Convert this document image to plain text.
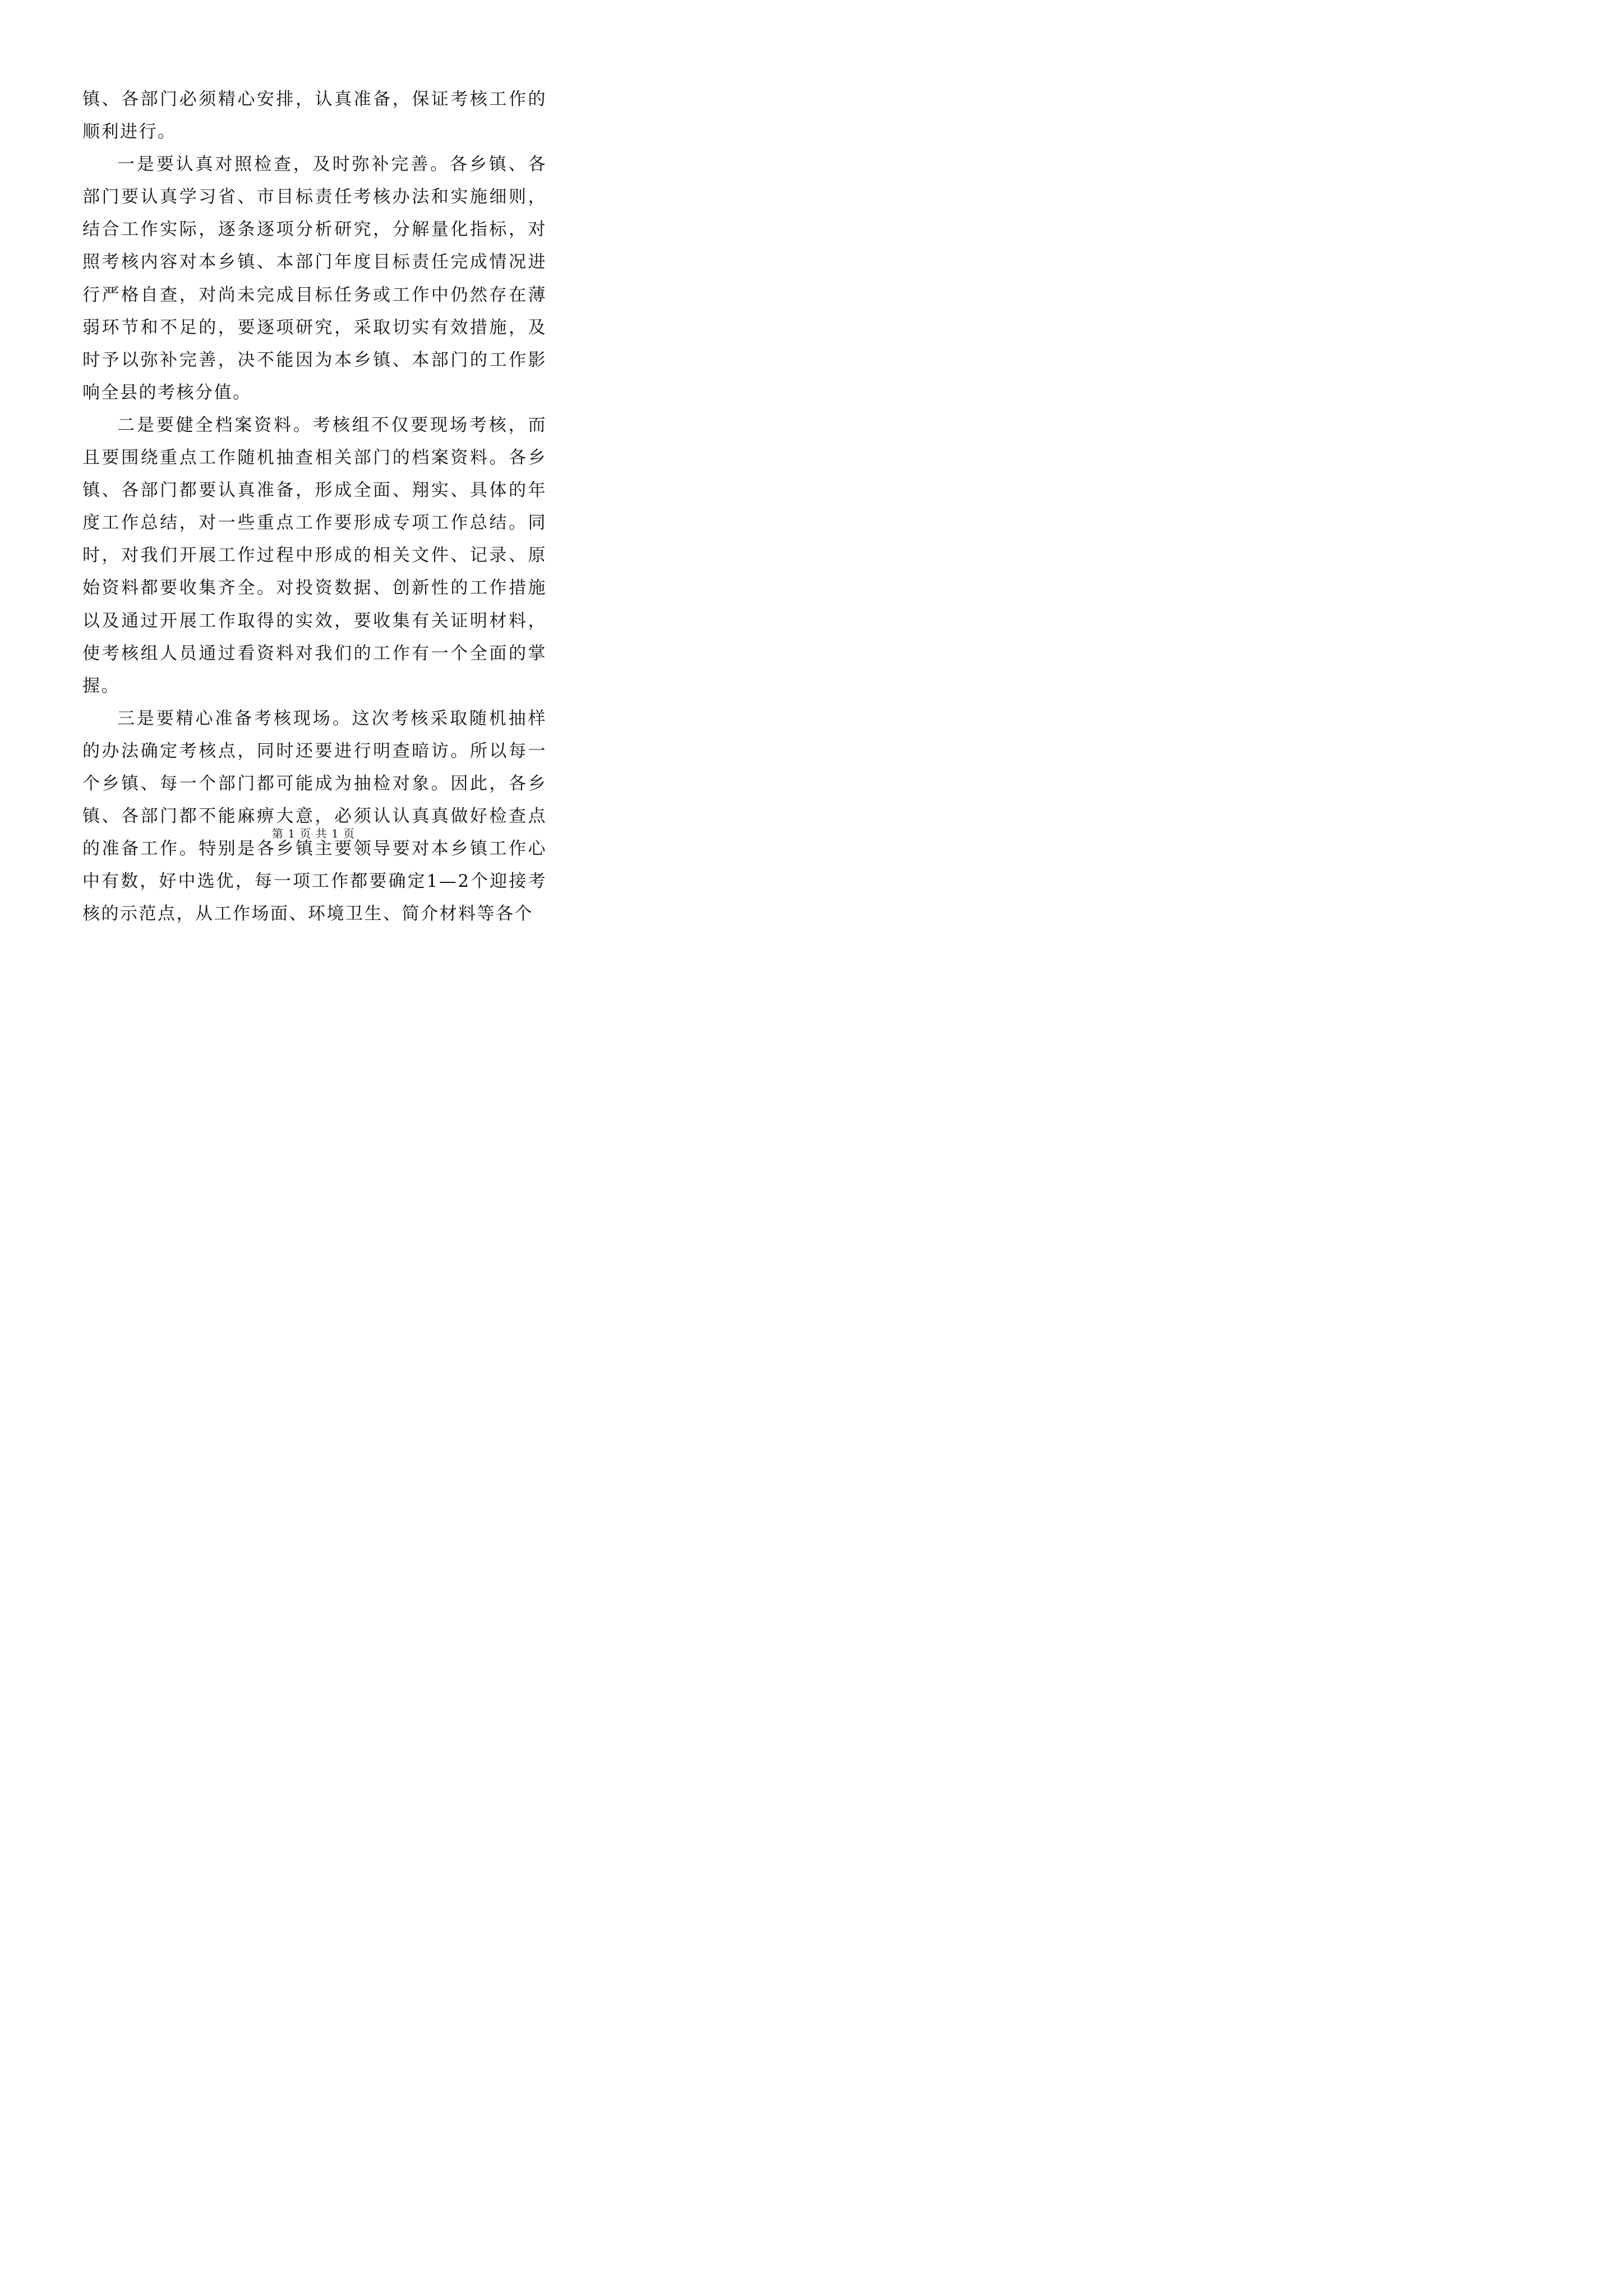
镇、各部门必须精心安排，认真准备，保证考核工作的顺利进行。

一是要认真对照检查，及时弥补完善。各乡镇、各部门要认真学习省、市目标责任考核办法和实施细则，结合工作实际，逐条逐项分析研究，分解量化指标，对照考核内容对本乡镇、本部门年度目标责任完成情况进行严格自查，对尚未完成目标任务或工作中仍然存在薄弱环节和不足的，要逐项研究，采取切实有效措施，及时予以弥补完善，决不能因为本乡镇、本部门的工作影响全县的考核分值。

二是要健全档案资料。考核组不仅要现场考核，而且要围绕重点工作随机抽查相关部门的档案资料。各乡镇、各部门都要认真准备，形成全面、翔实、具体的年度工作总结，对一些重点工作要形成专项工作总结。同时，对我们开展工作过程中形成的相关文件、记录、原始资料都要收集齐全。对投资数据、创新性的工作措施以及通过开展工作取得的实效，要收集有关证明材料，使考核组人员通过看资料对我们的工作有一个全面的掌握。

三是要精心准备考核现场。这次考核采取随机抽样的办法确定考核点，同时还要进行明查暗访。所以每一个乡镇、每一个部门都可能成为抽检对象。因此，各乡镇、各部门都不能麻痹大意，必须认认真真做好检查点的准备工作。特别是各乡镇主要领导要对本乡镇工作心中有数，好中选优，每一项工作都要确定1—2个迎接考核的示范点，从工作场面、环境卫生、简介材料等各个

第 1 页 共 1 页
